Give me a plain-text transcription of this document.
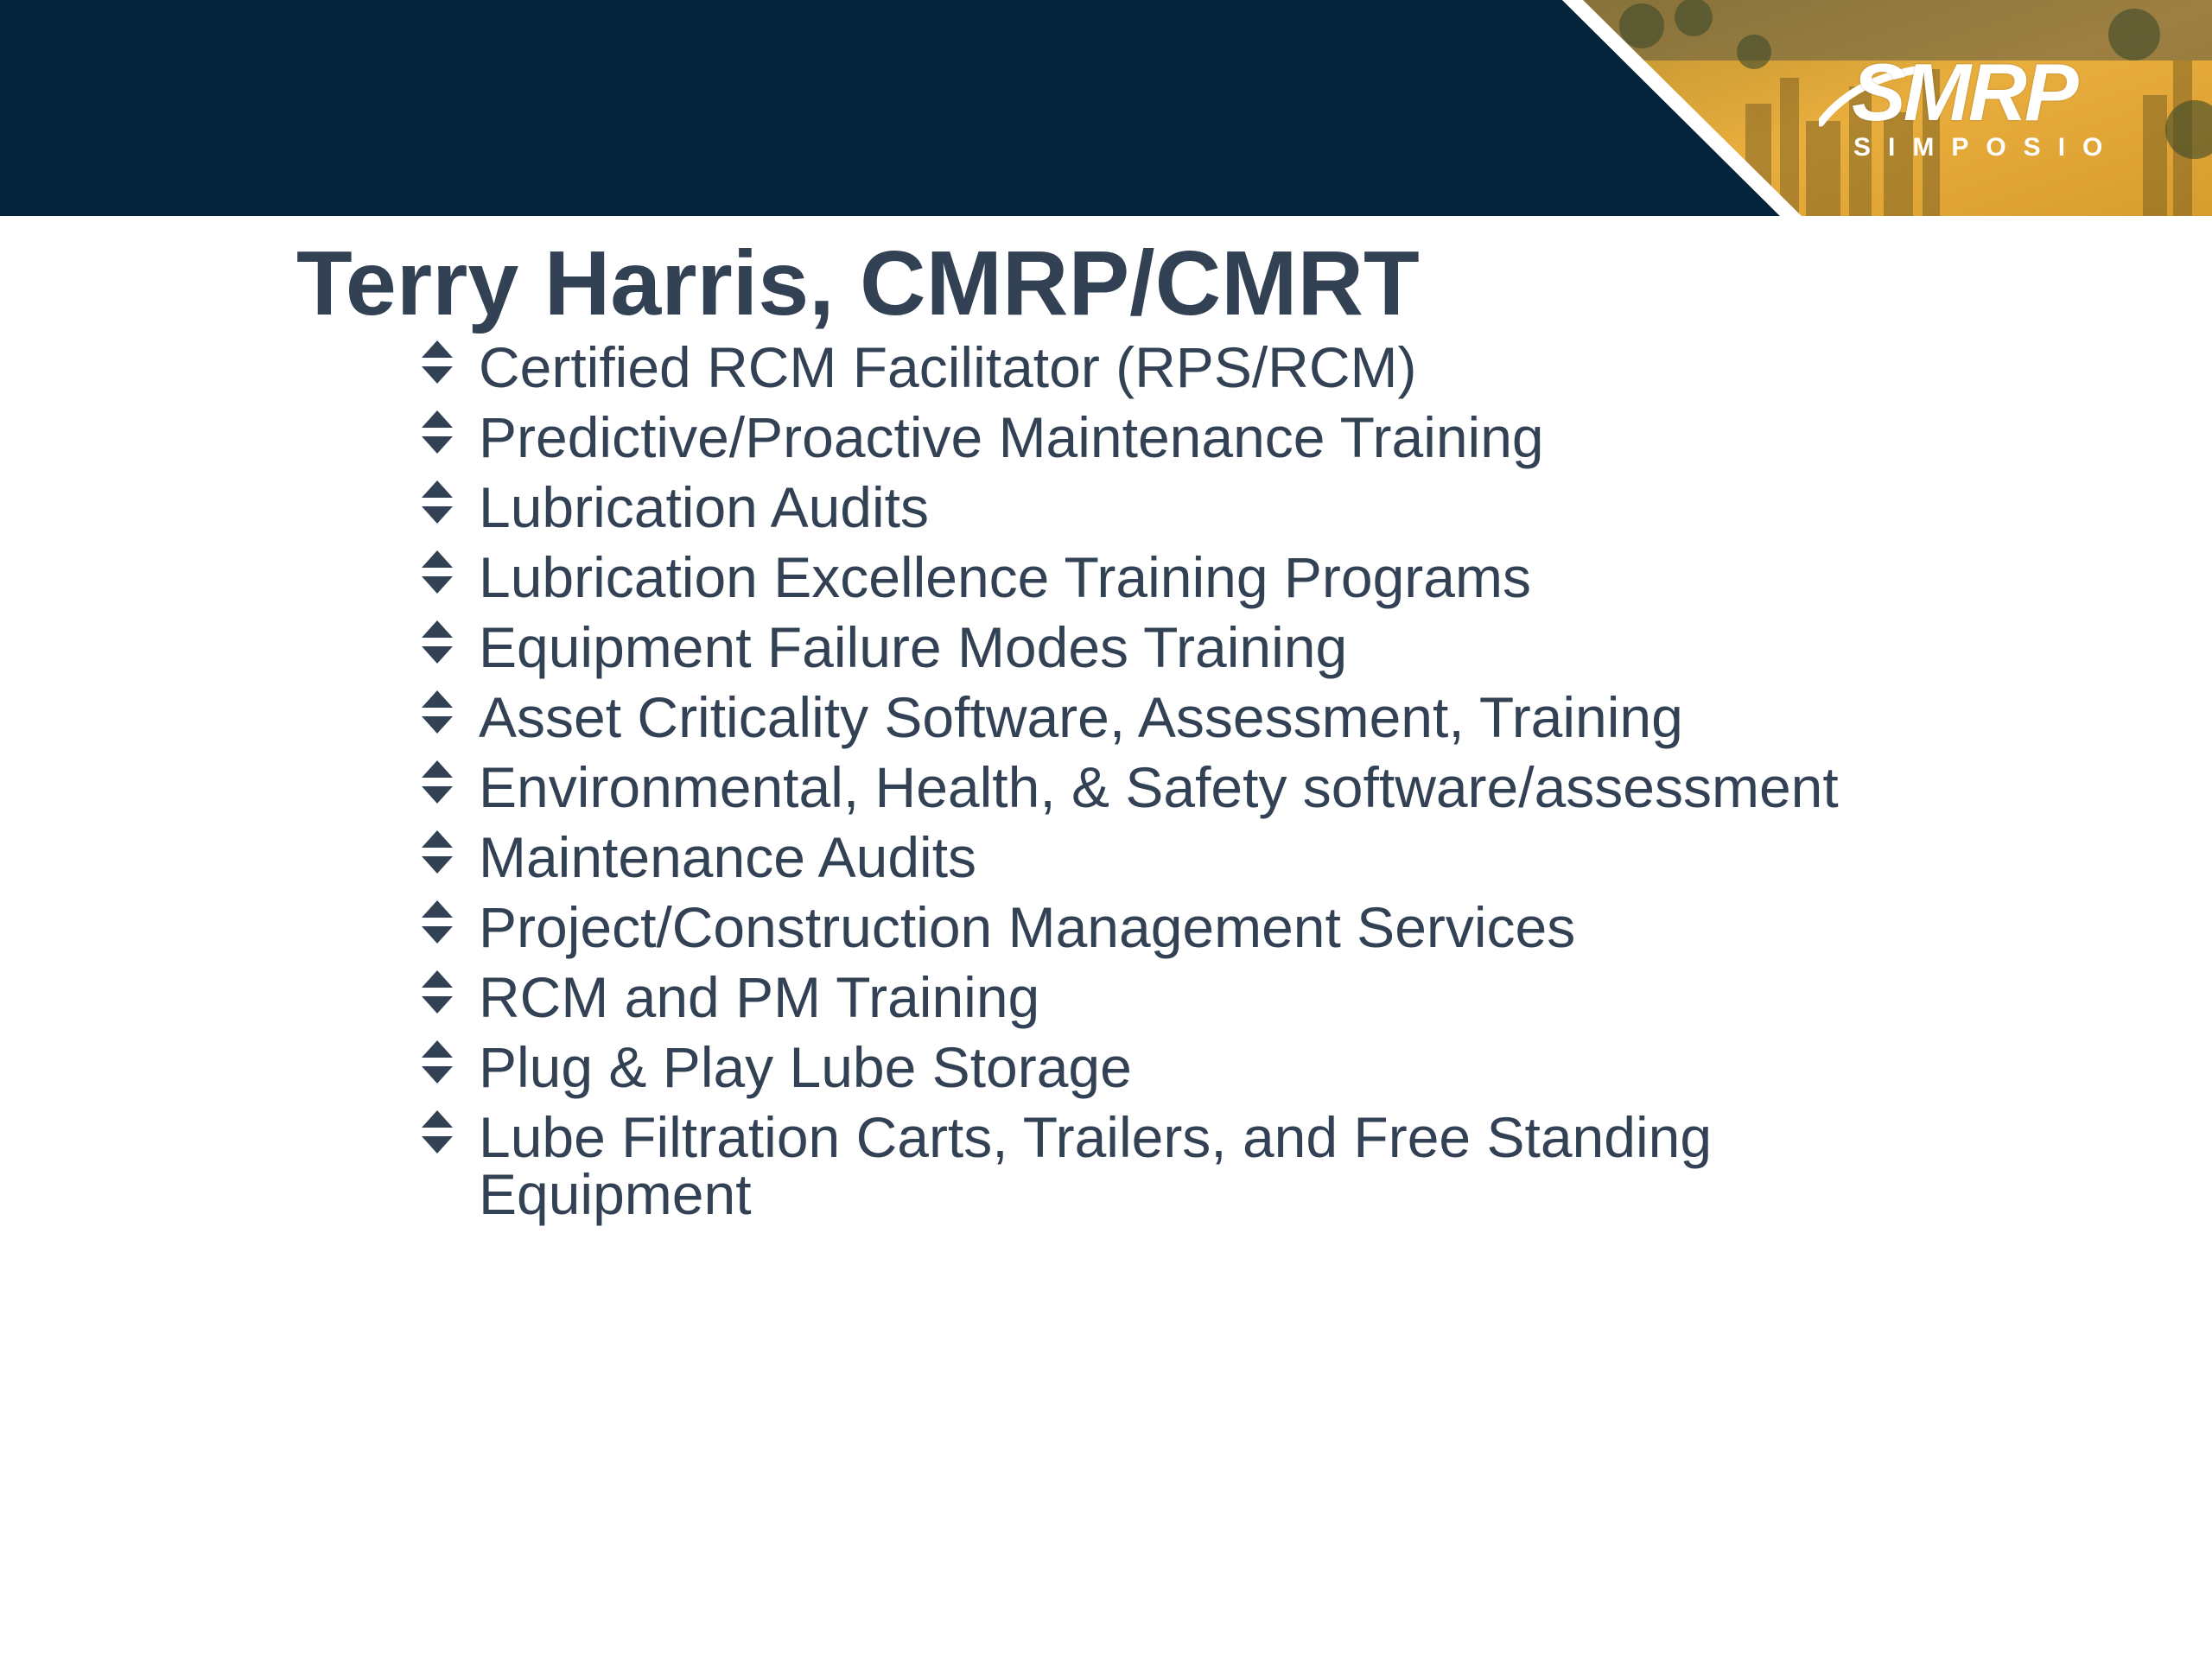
SMRP
SIMPOSIO
Terry Harris, CMRP/CMRT
Certified RCM Facilitator (RPS/RCM)
Predictive/Proactive Maintenance Training
Lubrication Audits
Lubrication Excellence Training Programs
Equipment Failure Modes Training
Asset Criticality Software, Assessment, Training
Environmental, Health, & Safety software/assessment
Maintenance Audits
Project/Construction Management Services
RCM and PM Training
Plug & Play Lube Storage
Lube Filtration Carts, Trailers, and Free Standing Equipment
